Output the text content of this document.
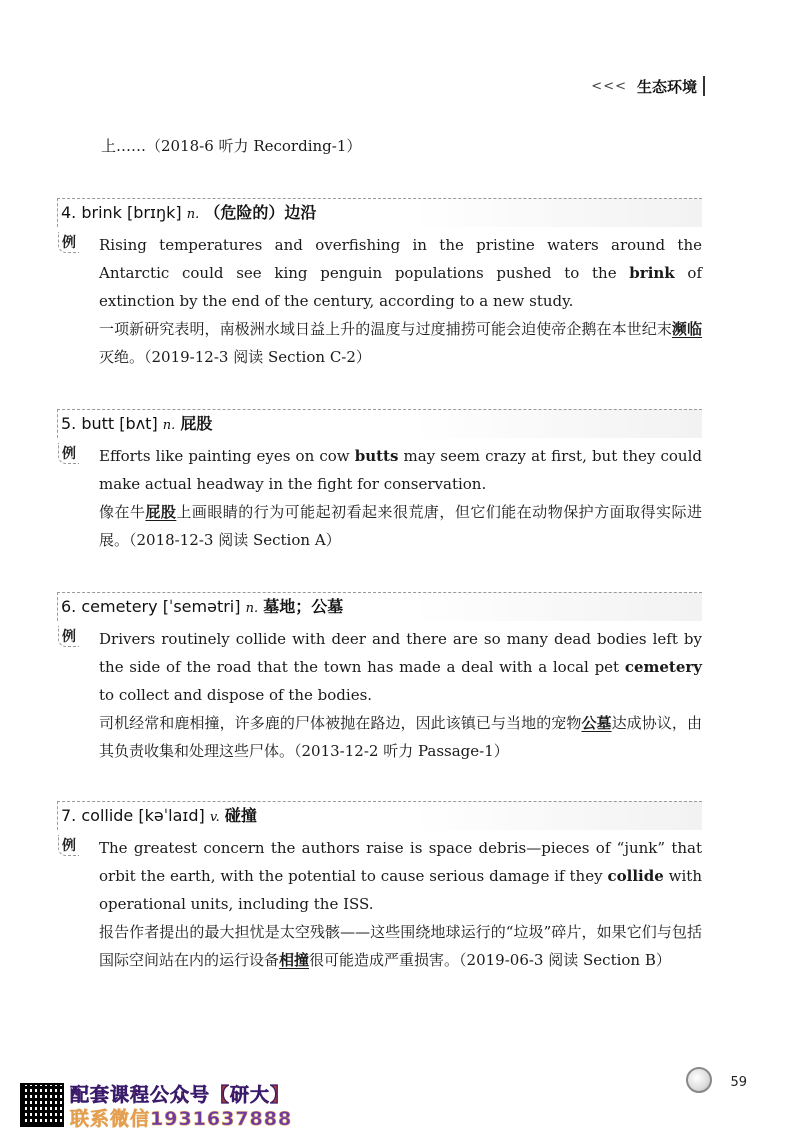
<<< 生态环境
上……（2018-6 听力 Recording-1）
4. brink [brɪŋk] n. （危险的）边沿
例 Rising temperatures and overfishing in the pristine waters around the Antarctic could see king penguin populations pushed to the brink of extinction by the end of the century, according to a new study.
一项新研究表明，南极洲水域日益上升的温度与过度捕捞可能会迫使帝企鹅在本世纪末濒临灭绝。（2019-12-3 阅读 Section C-2）
5. butt [bʌt] n. 屁股
例 Efforts like painting eyes on cow butts may seem crazy at first, but they could make actual headway in the fight for conservation.
像在牛屁股上画眼睛的行为可能起初看起来很荒唐，但它们能在动物保护方面取得实际进展。（2018-12-3 阅读 Section A）
6. cemetery [ˈsemətri] n. 墓地；公墓
例 Drivers routinely collide with deer and there are so many dead bodies left by the side of the road that the town has made a deal with a local pet cemetery to collect and dispose of the bodies.
司机经常和鹿相撞，许多鹿的尸体被抛在路边，因此该镇已与当地的宠物公墓达成协议，由其负责收集和处理这些尸体。（2013-12-2 听力 Passage-1）
7. collide [kəˈlaɪd] v. 碰撞
例 The greatest concern the authors raise is space debris—pieces of “junk” that orbit the earth, with the potential to cause serious damage if they collide with operational units, including the ISS.
报告作者提出的最大担忧是太空残骸——这些围绕地球运行的“垃圾”碎片，如果它们与包括国际空间站在内的运行设备相撞很可能造成严重损害。（2019-06-3 阅读 Section B）
59
配套课程公众号【研大】
联系微信1931637888
